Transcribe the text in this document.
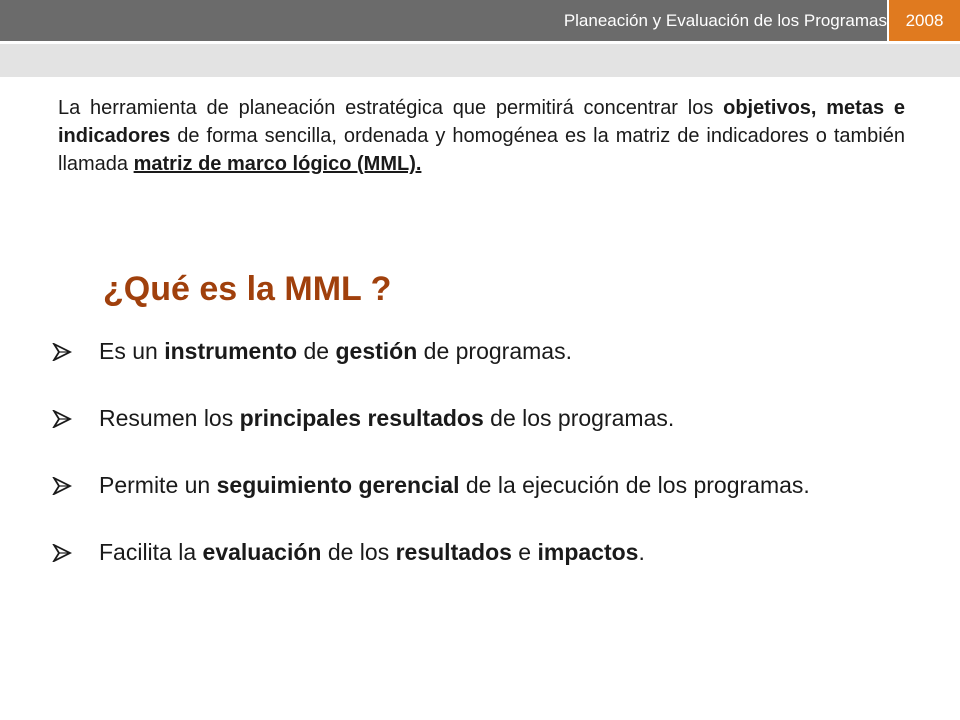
Planeación y Evaluación de los Programas	2008

La herramienta de planeación estratégica que permitirá concentrar los objetivos, metas e indicadores de forma sencilla, ordenada y homogénea es la matriz de indicadores o también llamada matriz de marco lógico (MML).

¿Qué es la MML ?
Es un instrumento de gestión de programas.
Resumen los principales resultados de los programas.
Permite un seguimiento gerencial de la ejecución de los programas.
Facilita la evaluación de los resultados e impactos.
